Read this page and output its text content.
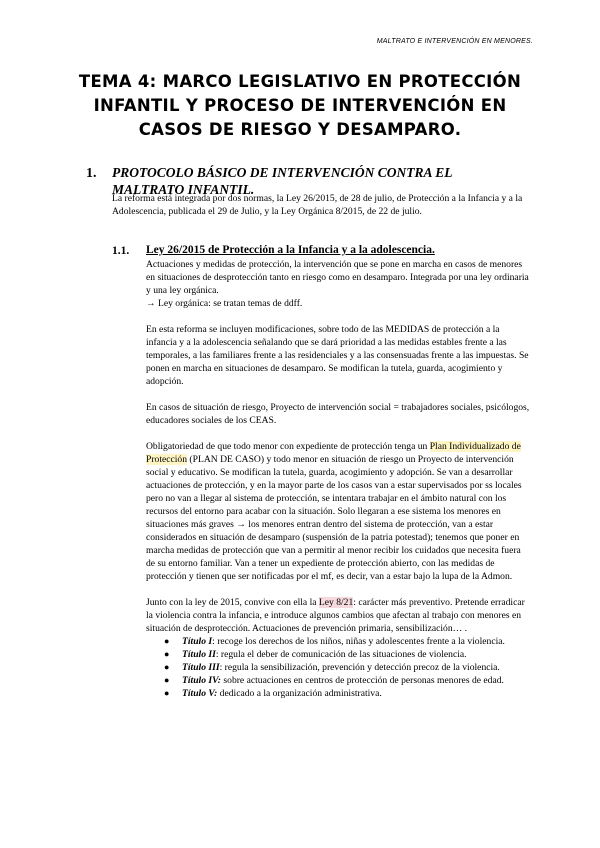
MALTRATO E INTERVENCIÓN EN MENORES.
TEMA 4: MARCO LEGISLATIVO EN PROTECCIÓN INFANTIL Y PROCESO DE INTERVENCIÓN EN CASOS DE RIESGO Y DESAMPARO.
1. PROTOCOLO BÁSICO DE INTERVENCIÓN CONTRA EL MALTRATO INFANTIL.
La reforma está integrada por dos normas, la Ley 26/2015, de 28 de julio, de Protección a la Infancia y a la Adolescencia, publicada el 29 de Julio, y la Ley Orgánica 8/2015, de 22 de julio.
1.1. Ley 26/2015 de Protección a la Infancia y a la adolescencia.

Actuaciones y medidas de protección, la intervención que se pone en marcha en casos de menores en situaciones de desprotección tanto en riesgo como en desamparo. Integrada por una ley ordinaria y una ley orgánica.

→ Ley orgánica: se tratan temas de ddff.

En esta reforma se incluyen modificaciones, sobre todo de las MEDIDAS de protección a la infancia y a la adolescencia señalando que se dará prioridad a las medidas estables frente a las temporales, a las familiares frente a las residenciales y a las consensuadas frente a las impuestas. Se ponen en marcha en situaciones de desamparo. Se modifican la tutela, guarda, acogimiento y adopción.

En casos de situación de riesgo, Proyecto de intervención social = trabajadores sociales, psicólogos, educadores sociales de los CEAS.

Obligatoriedad de que todo menor con expediente de protección tenga un Plan Individualizado de Protección (PLAN DE CASO) y todo menor en situación de riesgo un Proyecto de intervención social y educativo. Se modifican la tutela, guarda, acogimiento y adopción. Se van a desarrollar actuaciones de protección, y en la mayor parte de los casos van a estar supervisados por ss locales pero no van a llegar al sistema de protección, se intentara trabajar en el ámbito natural con los recursos del entorno para acabar con la situación. Solo llegaran a ese sistema los menores en situaciones más graves → los menores entran dentro del sistema de protección, van a estar considerados en situación de desamparo (suspensión de la patria potestad); tenemos que poner en marcha medidas de protección que van a permitir al menor recibir los cuidados que necesita fuera de su entorno familiar. Van a tener un expediente de protección abierto, con las medidas de protección y tienen que ser notificadas por el mf, es decir, van a estar bajo la lupa de la Admon.

Junto con la ley de 2015, convive con ella la Ley 8/21: carácter más preventivo. Pretende erradicar la violencia contra la infancia, e introduce algunos cambios que afectan al trabajo con menores en situación de desprotección. Actuaciones de prevención primaria, sensibilización… .

● Título I: recoge los derechos de los niños, niñas y adolescentes frente a la violencia.
● Título II: regula el deber de comunicación de las situaciones de violencia.
● Título III: regula la sensibilización, prevención y detección precoz de la violencia.
● Título IV: sobre actuaciones en centros de protección de personas menores de edad.
● Título V: dedicado a la organización administrativa.
